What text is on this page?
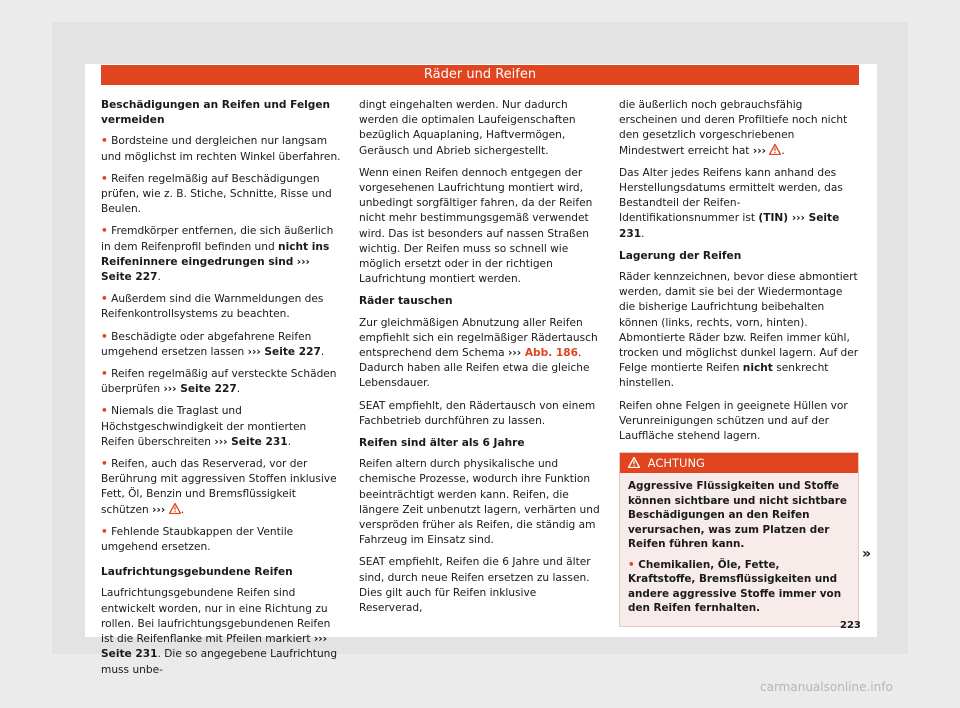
Räder und Reifen

Beschädigungen an Reifen und Felgen vermeiden

• Bordsteine und dergleichen nur langsam und möglichst im rechten Winkel überfahren.

• Reifen regelmäßig auf Beschädigungen prüfen, wie z. B. Stiche, Schnitte, Risse und Beulen.

• Fremdkörper entfernen, die sich äußerlich in dem Reifenprofil befinden und nicht ins Reifeninnere eingedrungen sind ››› Seite 227.

• Außerdem sind die Warnmeldungen des Reifenkontrollsystems zu beachten.

• Beschädigte oder abgefahrene Reifen umgehend ersetzen lassen ››› Seite 227.

• Reifen regelmäßig auf versteckte Schäden überprüfen ››› Seite 227.

• Niemals die Traglast und Höchstgeschwindigkeit der montierten Reifen überschreiten ››› Seite 231.

• Reifen, auch das Reserverad, vor der Berührung mit aggressiven Stoffen inklusive Fett, Öl, Benzin und Bremsflüssigkeit schützen ››› .

• Fehlende Staubkappen der Ventile umgehend ersetzen.

Laufrichtungsgebundene Reifen

Laufrichtungsgebundene Reifen sind entwickelt worden, nur in eine Richtung zu rollen. Bei laufrichtungsgebundenen Reifen ist die Reifenflanke mit Pfeilen markiert ››› Seite 231. Die so angegebene Laufrichtung muss unbe-

dingt eingehalten werden. Nur dadurch werden die optimalen Laufeigenschaften bezüglich Aquaplaning, Haftvermögen, Geräusch und Abrieb sichergestellt.

Wenn einen Reifen dennoch entgegen der vorgesehenen Laufrichtung montiert wird, unbedingt sorgfältiger fahren, da der Reifen nicht mehr bestimmungsgemäß verwendet wird. Das ist besonders auf nassen Straßen wichtig. Der Reifen muss so schnell wie möglich ersetzt oder in der richtigen Laufrichtung montiert werden.

Räder tauschen

Zur gleichmäßigen Abnutzung aller Reifen empfiehlt sich ein regelmäßiger Rädertausch entsprechend dem Schema ››› Abb. 186. Dadurch haben alle Reifen etwa die gleiche Lebensdauer.

SEAT empfiehlt, den Rädertausch von einem Fachbetrieb durchführen zu lassen.

Reifen sind älter als 6 Jahre

Reifen altern durch physikalische und chemische Prozesse, wodurch ihre Funktion beeinträchtigt werden kann. Reifen, die längere Zeit unbenutzt lagern, verhärten und verspröden früher als Reifen, die ständig am Fahrzeug im Einsatz sind.

SEAT empfiehlt, Reifen die 6 Jahre und älter sind, durch neue Reifen ersetzen zu lassen. Dies gilt auch für Reifen inklusive Reserverad,

die äußerlich noch gebrauchsfähig erscheinen und deren Profiltiefe noch nicht den gesetzlich vorgeschriebenen Mindestwert erreicht hat ››› .

Das Alter jedes Reifens kann anhand des Herstellungsdatums ermittelt werden, das Bestandteil der Reifen-Identifikationsnummer ist (TIN) ››› Seite 231.

Lagerung der Reifen

Räder kennzeichnen, bevor diese abmontiert werden, damit sie bei der Wiedermontage die bisherige Laufrichtung beibehalten können (links, rechts, vorn, hinten). Abmontierte Räder bzw. Reifen immer kühl, trocken und möglichst dunkel lagern. Auf der Felge montierte Reifen nicht senkrecht hinstellen.

Reifen ohne Felgen in geeignete Hüllen vor Verunreinigungen schützen und auf der Lauffläche stehend lagern.

ACHTUNG

Aggressive Flüssigkeiten und Stoffe können sichtbare und nicht sichtbare Beschädigungen an den Reifen verursachen, was zum Platzen der Reifen führen kann.

• Chemikalien, Öle, Fette, Kraftstoffe, Bremsflüssigkeiten und andere aggressive Stoffe immer von den Reifen fernhalten.

»
223
carmanualsonline.info
